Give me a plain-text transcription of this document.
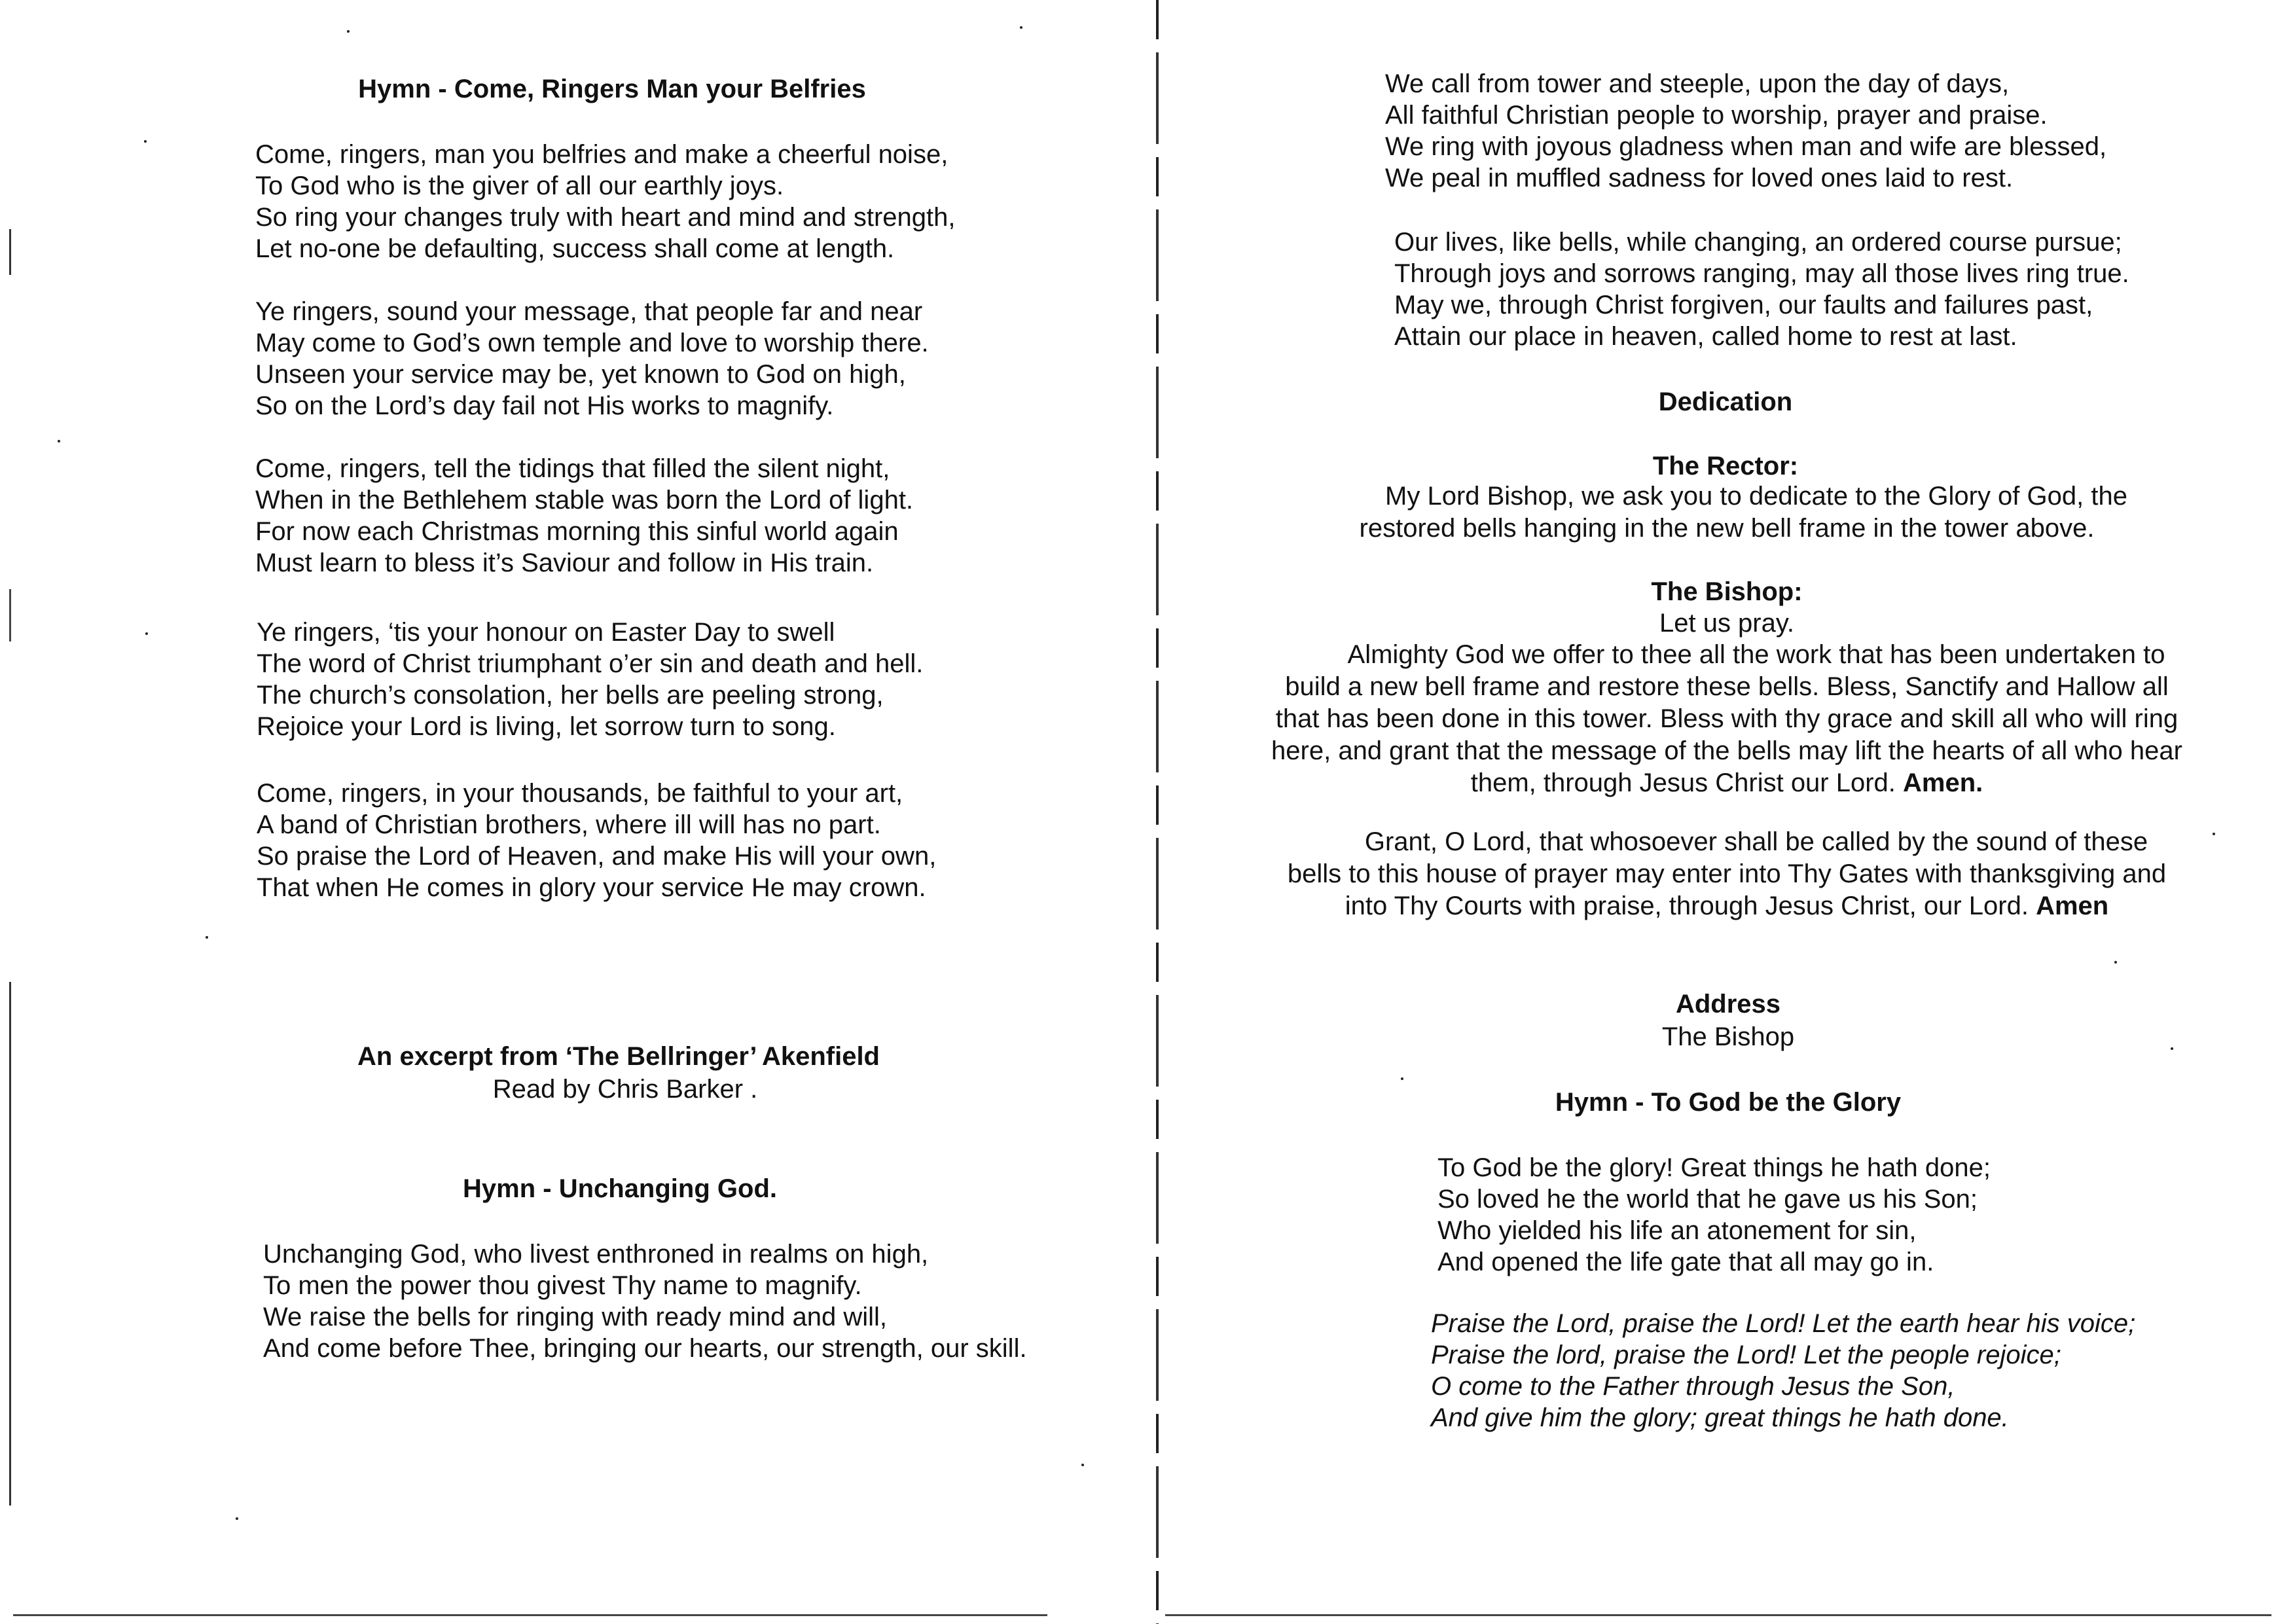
Hymn - Come, Ringers Man your Belfries
Come, ringers, man you belfries and make a cheerful noise,
To God who is the giver of all our earthly joys.
So ring your changes truly with heart and mind and strength,
Let no-one be defaulting, success shall come at length.
Ye ringers, sound your message, that people far and near
May come to God’s own temple and love to worship there.
Unseen your service may be, yet known to God on high,
So on the Lord’s day fail not His works to magnify.
Come, ringers, tell the tidings that filled the silent night,
When in the Bethlehem stable was born the Lord of light.
For now each Christmas morning this sinful world again
Must learn to bless it’s Saviour and follow in His train.
Ye ringers, ‘tis your honour on Easter Day to swell
The word of Christ triumphant o’er sin and death and hell.
The church’s consolation, her bells are peeling strong,
Rejoice your Lord is living, let sorrow turn to song.
Come, ringers, in your thousands, be faithful to your art,
A band of Christian brothers, where ill will has no part.
So praise the Lord of Heaven, and make His will your own,
That when He comes in glory your service He may crown.
An excerpt from ‘The Bellringer’ Akenfield
Read by Chris Barker .
Hymn - Unchanging God.
Unchanging God, who livest enthroned in realms on high,
To men the power thou givest Thy name to magnify.
We raise the bells for ringing with ready mind and will,
And come before Thee, bringing our hearts, our strength, our skill.
We call from tower and steeple, upon the day of days,
All faithful Christian people to worship, prayer and praise.
We ring with joyous gladness when man and wife are blessed,
We peal in muffled sadness for loved ones laid to rest.
Our lives, like bells, while changing, an ordered course pursue;
Through joys and sorrows ranging, may all those lives ring true.
May we, through Christ forgiven, our faults and failures past,
Attain our place in heaven, called home to rest at last.
Dedication
The Rector:
My Lord Bishop, we ask you to dedicate to the Glory of God, the
restored bells hanging in the new bell frame in the tower above.
The Bishop:
Let us pray.
Almighty God we offer to thee all the work that has been undertaken to
build a new bell frame and restore these bells. Bless, Sanctify and Hallow all
that has been done in this tower. Bless with thy grace and skill all who will ring
here, and grant that the message of the bells may lift the hearts of all who hear
them, through Jesus Christ our Lord. Amen.
Grant, O Lord, that whosoever shall be called by the sound of these
bells to this house of prayer may enter into Thy Gates with thanksgiving and
into Thy Courts with praise, through Jesus Christ, our Lord. Amen
Address
The Bishop
Hymn - To God be the Glory
To God be the glory! Great things he hath done;
So loved he the world that he gave us his Son;
Who yielded his life an atonement for sin,
And opened the life gate that all may go in.
Praise the Lord, praise the Lord! Let the earth hear his voice;
Praise the lord, praise the Lord! Let the people rejoice;
O come to the Father through Jesus the Son,
And give him the glory; great things he hath done.
